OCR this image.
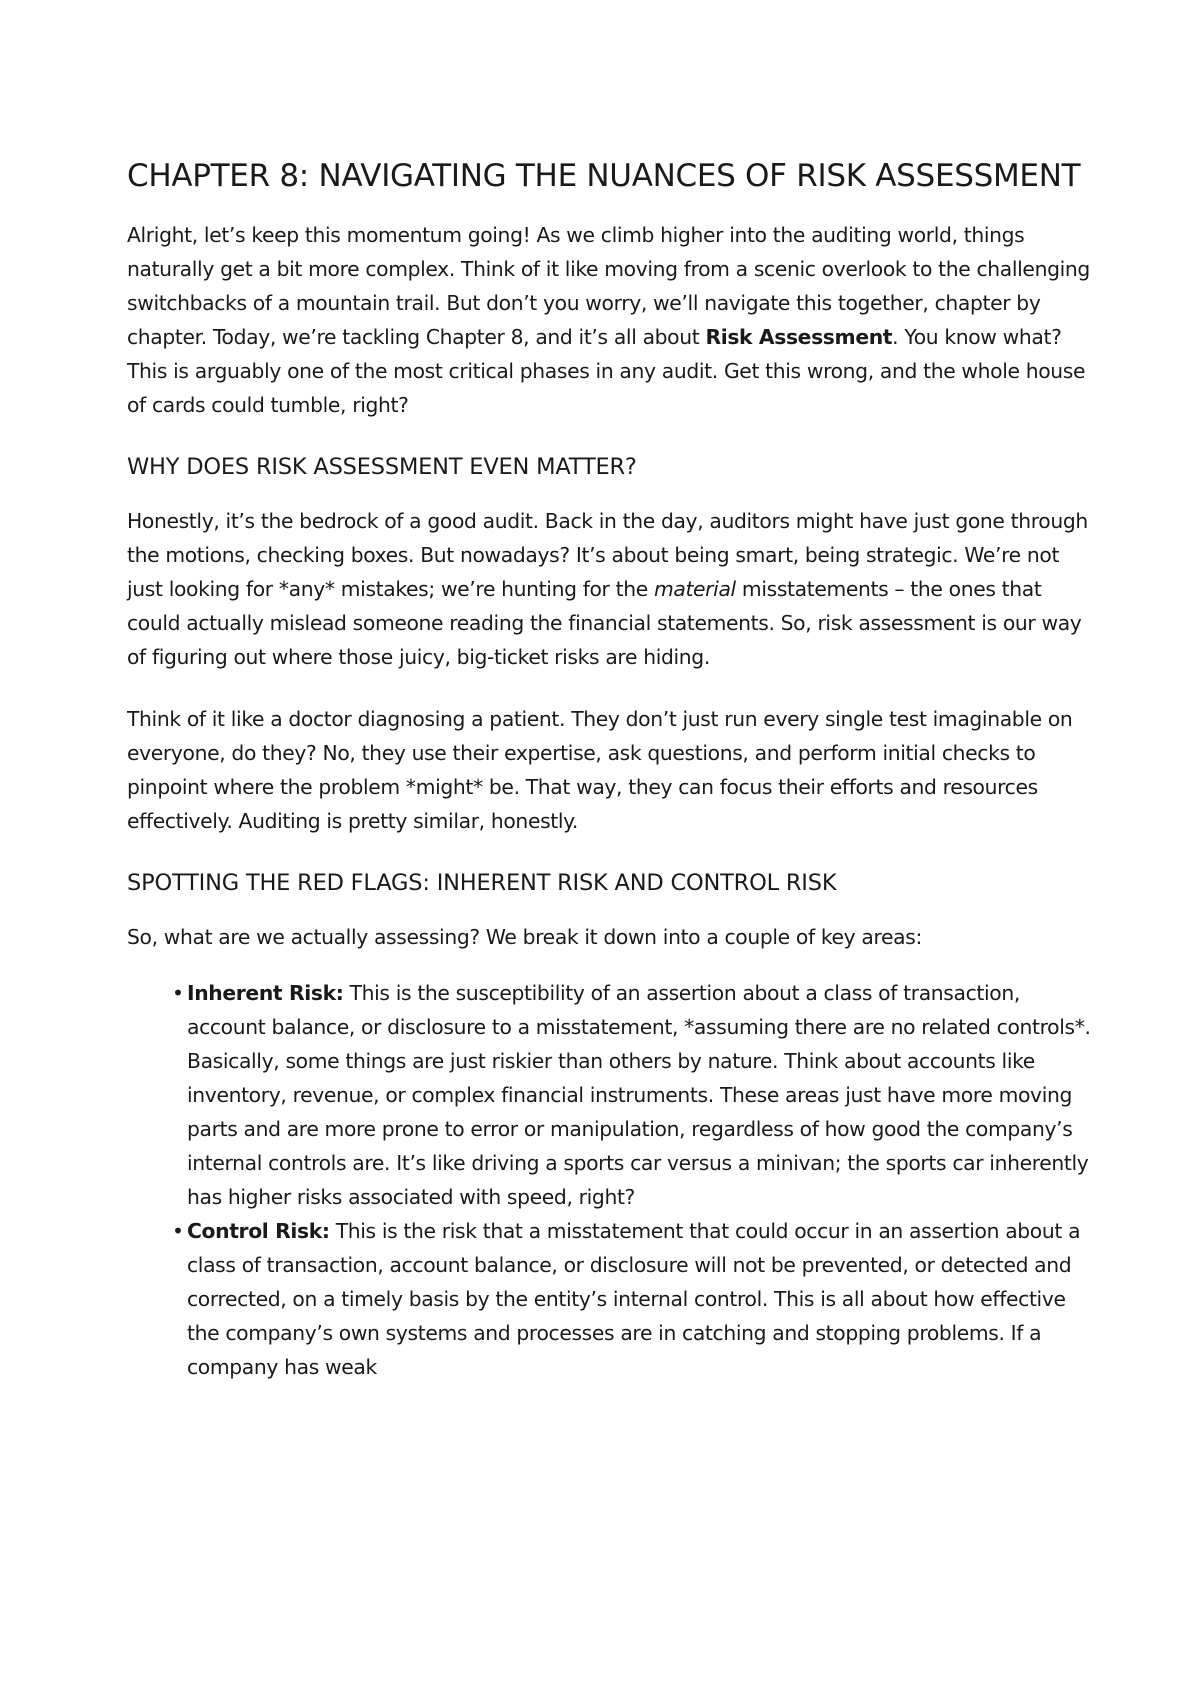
CHAPTER 8: NAVIGATING THE NUANCES OF RISK ASSESSMENT

Alright, let’s keep this momentum going! As we climb higher into the auditing world, things naturally get a bit more complex. Think of it like moving from a scenic overlook to the challenging switchbacks of a mountain trail. But don’t you worry, we’ll navigate this together, chapter by chapter. Today, we’re tackling Chapter 8, and it’s all about Risk Assessment. You know what? This is arguably one of the most critical phases in any audit. Get this wrong, and the whole house of cards could tumble, right?

WHY DOES RISK ASSESSMENT EVEN MATTER?

Honestly, it’s the bedrock of a good audit. Back in the day, auditors might have just gone through the motions, checking boxes. But nowadays? It’s about being smart, being strategic. We’re not just looking for *any* mistakes; we’re hunting for the material misstatements – the ones that could actually mislead someone reading the financial statements. So, risk assessment is our way of figuring out where those juicy, big-ticket risks are hiding.

Think of it like a doctor diagnosing a patient. They don’t just run every single test imaginable on everyone, do they? No, they use their expertise, ask questions, and perform initial checks to pinpoint where the problem *might* be. That way, they can focus their efforts and resources effectively. Auditing is pretty similar, honestly.

SPOTTING THE RED FLAGS: INHERENT RISK AND CONTROL RISK

So, what are we actually assessing? We break it down into a couple of key areas:

• Inherent Risk: This is the susceptibility of an assertion about a class of transaction, account balance, or disclosure to a misstatement, *assuming there are no related controls*. Basically, some things are just riskier than others by nature. Think about accounts like inventory, revenue, or complex financial instruments. These areas just have more moving parts and are more prone to error or manipulation, regardless of how good the company’s internal controls are. It’s like driving a sports car versus a minivan; the sports car inherently has higher risks associated with speed, right?
• Control Risk: This is the risk that a misstatement that could occur in an assertion about a class of transaction, account balance, or disclosure will not be prevented, or detected and corrected, on a timely basis by the entity’s internal control. This is all about how effective the company’s own systems and processes are in catching and stopping problems. If a company has weak
